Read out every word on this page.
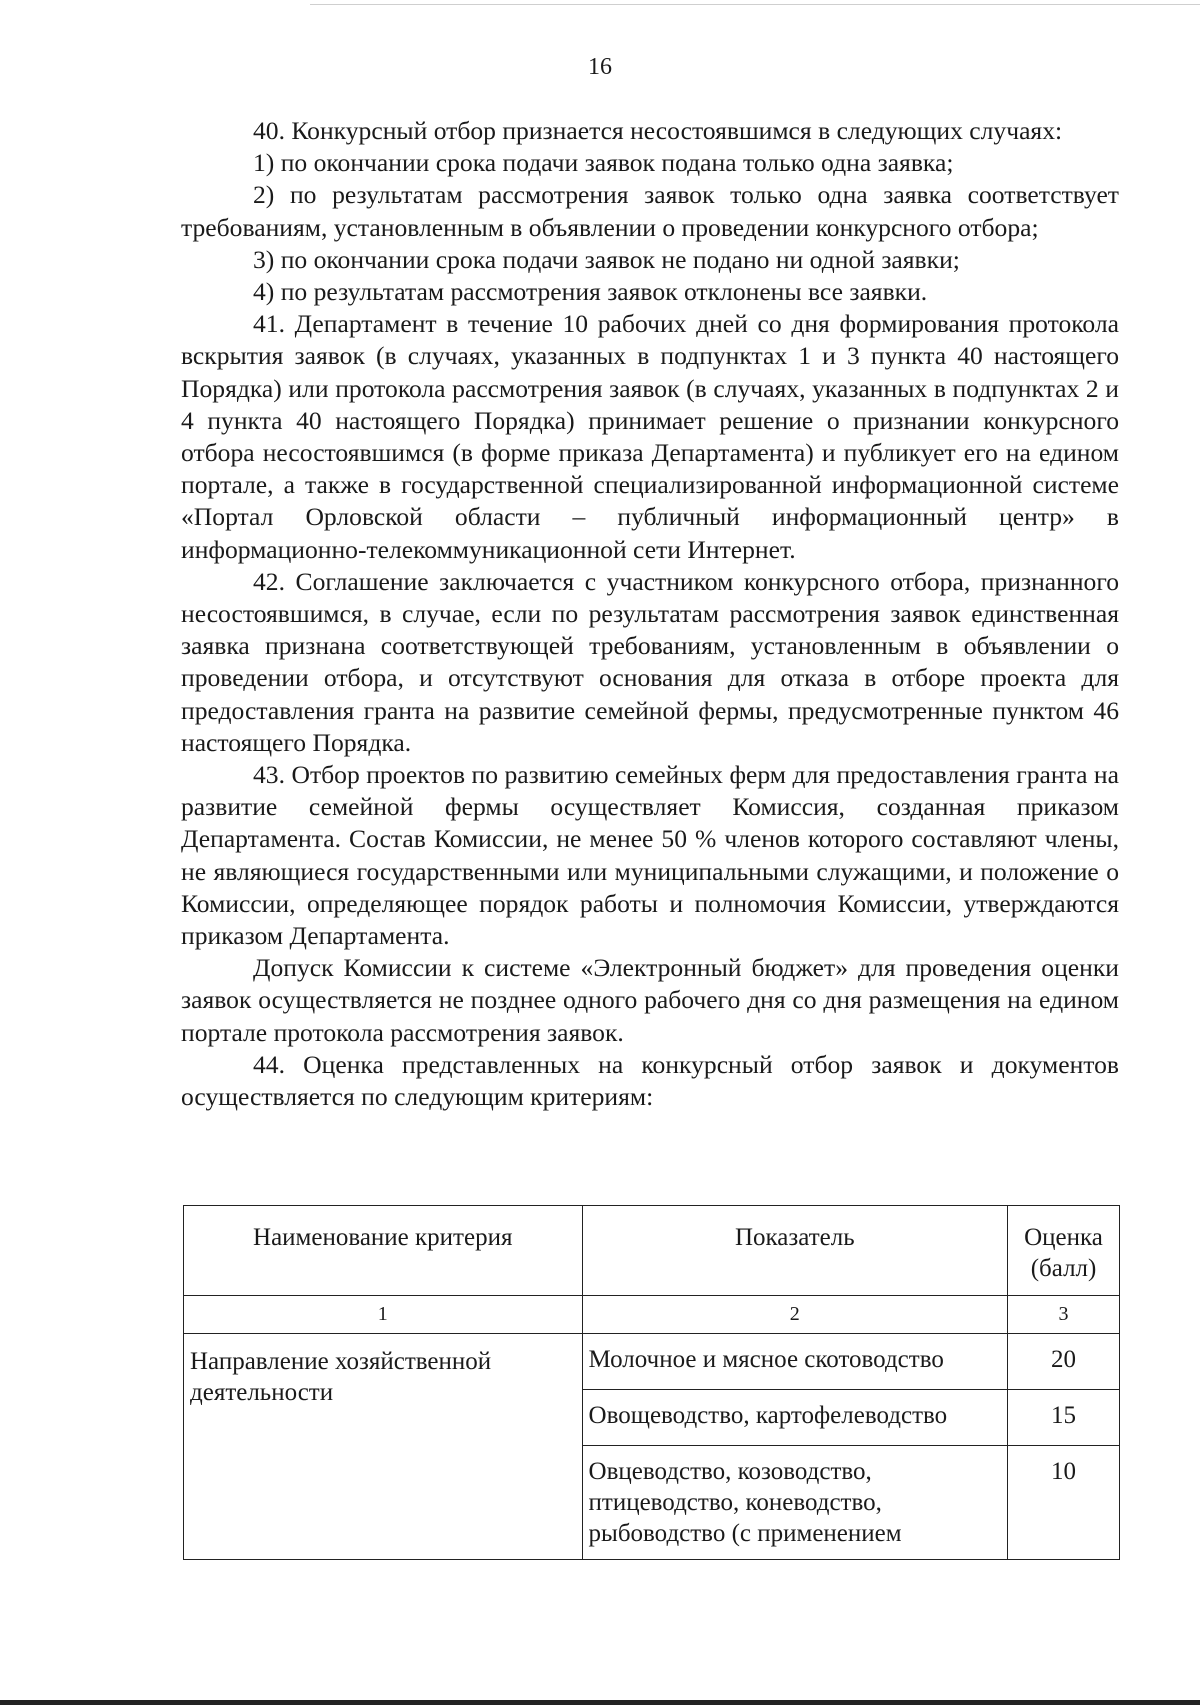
16

40. Конкурсный отбор признается несостоявшимся в следующих случаях:

1) по окончании срока подачи заявок подана только одна заявка;

2) по результатам рассмотрения заявок только одна заявка соответствует требованиям, установленным в объявлении о проведении конкурсного отбора;

3) по окончании срока подачи заявок не подано ни одной заявки;

4) по результатам рассмотрения заявок отклонены все заявки.

41. Департамент в течение 10 рабочих дней со дня формирования протокола вскрытия заявок (в случаях, указанных в подпунктах 1 и 3 пункта 40 настоящего Порядка) или протокола рассмотрения заявок (в случаях, указанных в подпунктах 2 и 4 пункта 40 настоящего Порядка) принимает решение о признании конкурсного отбора несостоявшимся (в форме приказа Департамента) и публикует его на едином портале, а также в государственной специализированной информационной системе «Портал Орловской области – публичный информационный центр» в информационно-телекоммуникационной сети Интернет.

42. Соглашение заключается с участником конкурсного отбора, признанного несостоявшимся, в случае, если по результатам рассмотрения заявок единственная заявка признана соответствующей требованиям, установленным в объявлении о проведении отбора, и отсутствуют основания для отказа в отборе проекта для предоставления гранта на развитие семейной фермы, предусмотренные пунктом 46 настоящего Порядка.

43. Отбор проектов по развитию семейных ферм для предоставления гранта на развитие семейной фермы осуществляет Комиссия, созданная приказом Департамента. Состав Комиссии, не менее 50 % членов которого составляют члены, не являющиеся государственными или муниципальными служащими, и положение о Комиссии, определяющее порядок работы и полномочия Комиссии, утверждаются приказом Департамента.

Допуск Комиссии к системе «Электронный бюджет» для проведения оценки заявок осуществляется не позднее одного рабочего дня со дня размещения на едином портале протокола рассмотрения заявок.

44. Оценка представленных на конкурсный отбор заявок и документов осуществляется по следующим критериям:

Наименование критерия	Показатель	Оценка (балл)
1	2	3
Направление хозяйственной деятельности	Молочное и мясное скотоводство	20
	Овощеводство, картофелеводство	15
	Овцеводство, козоводство, птицеводство, коневодство, рыбоводство (с применением	10
